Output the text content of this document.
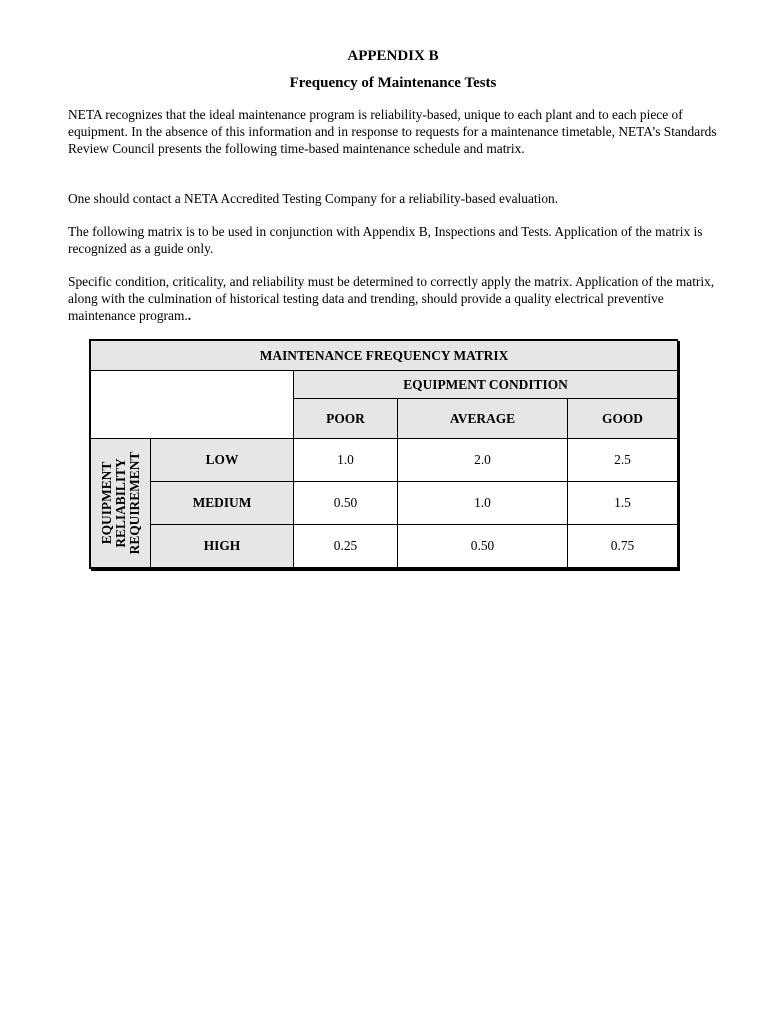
APPENDIX B
Frequency of Maintenance Tests

NETA recognizes that the ideal maintenance program is reliability-based, unique to each plant and to each piece of equipment. In the absence of this information and in response to requests for a maintenance timetable, NETA’s Standards Review Council presents the following time-based maintenance schedule and matrix.

One should contact a NETA Accredited Testing Company for a reliability-based evaluation.

The following matrix is to be used in conjunction with Appendix B, Inspections and Tests. Application of the matrix is recognized as a guide only.

Specific condition, criticality, and reliability must be determined to correctly apply the matrix. Application of the matrix, along with the culmination of historical testing data and trending, should provide a quality electrical preventive maintenance program..

MAINTENANCE FREQUENCY MATRIX				
		EQUIPMENT CONDITION		
		POOR	AVERAGE	GOOD

EQUIPMENT RELIABILITY REQUIREMENT	LOW	1.0	2.0	2.5
	MEDIUM	0.50	1.0	1.5
	HIGH	0.25	0.50	0.75
